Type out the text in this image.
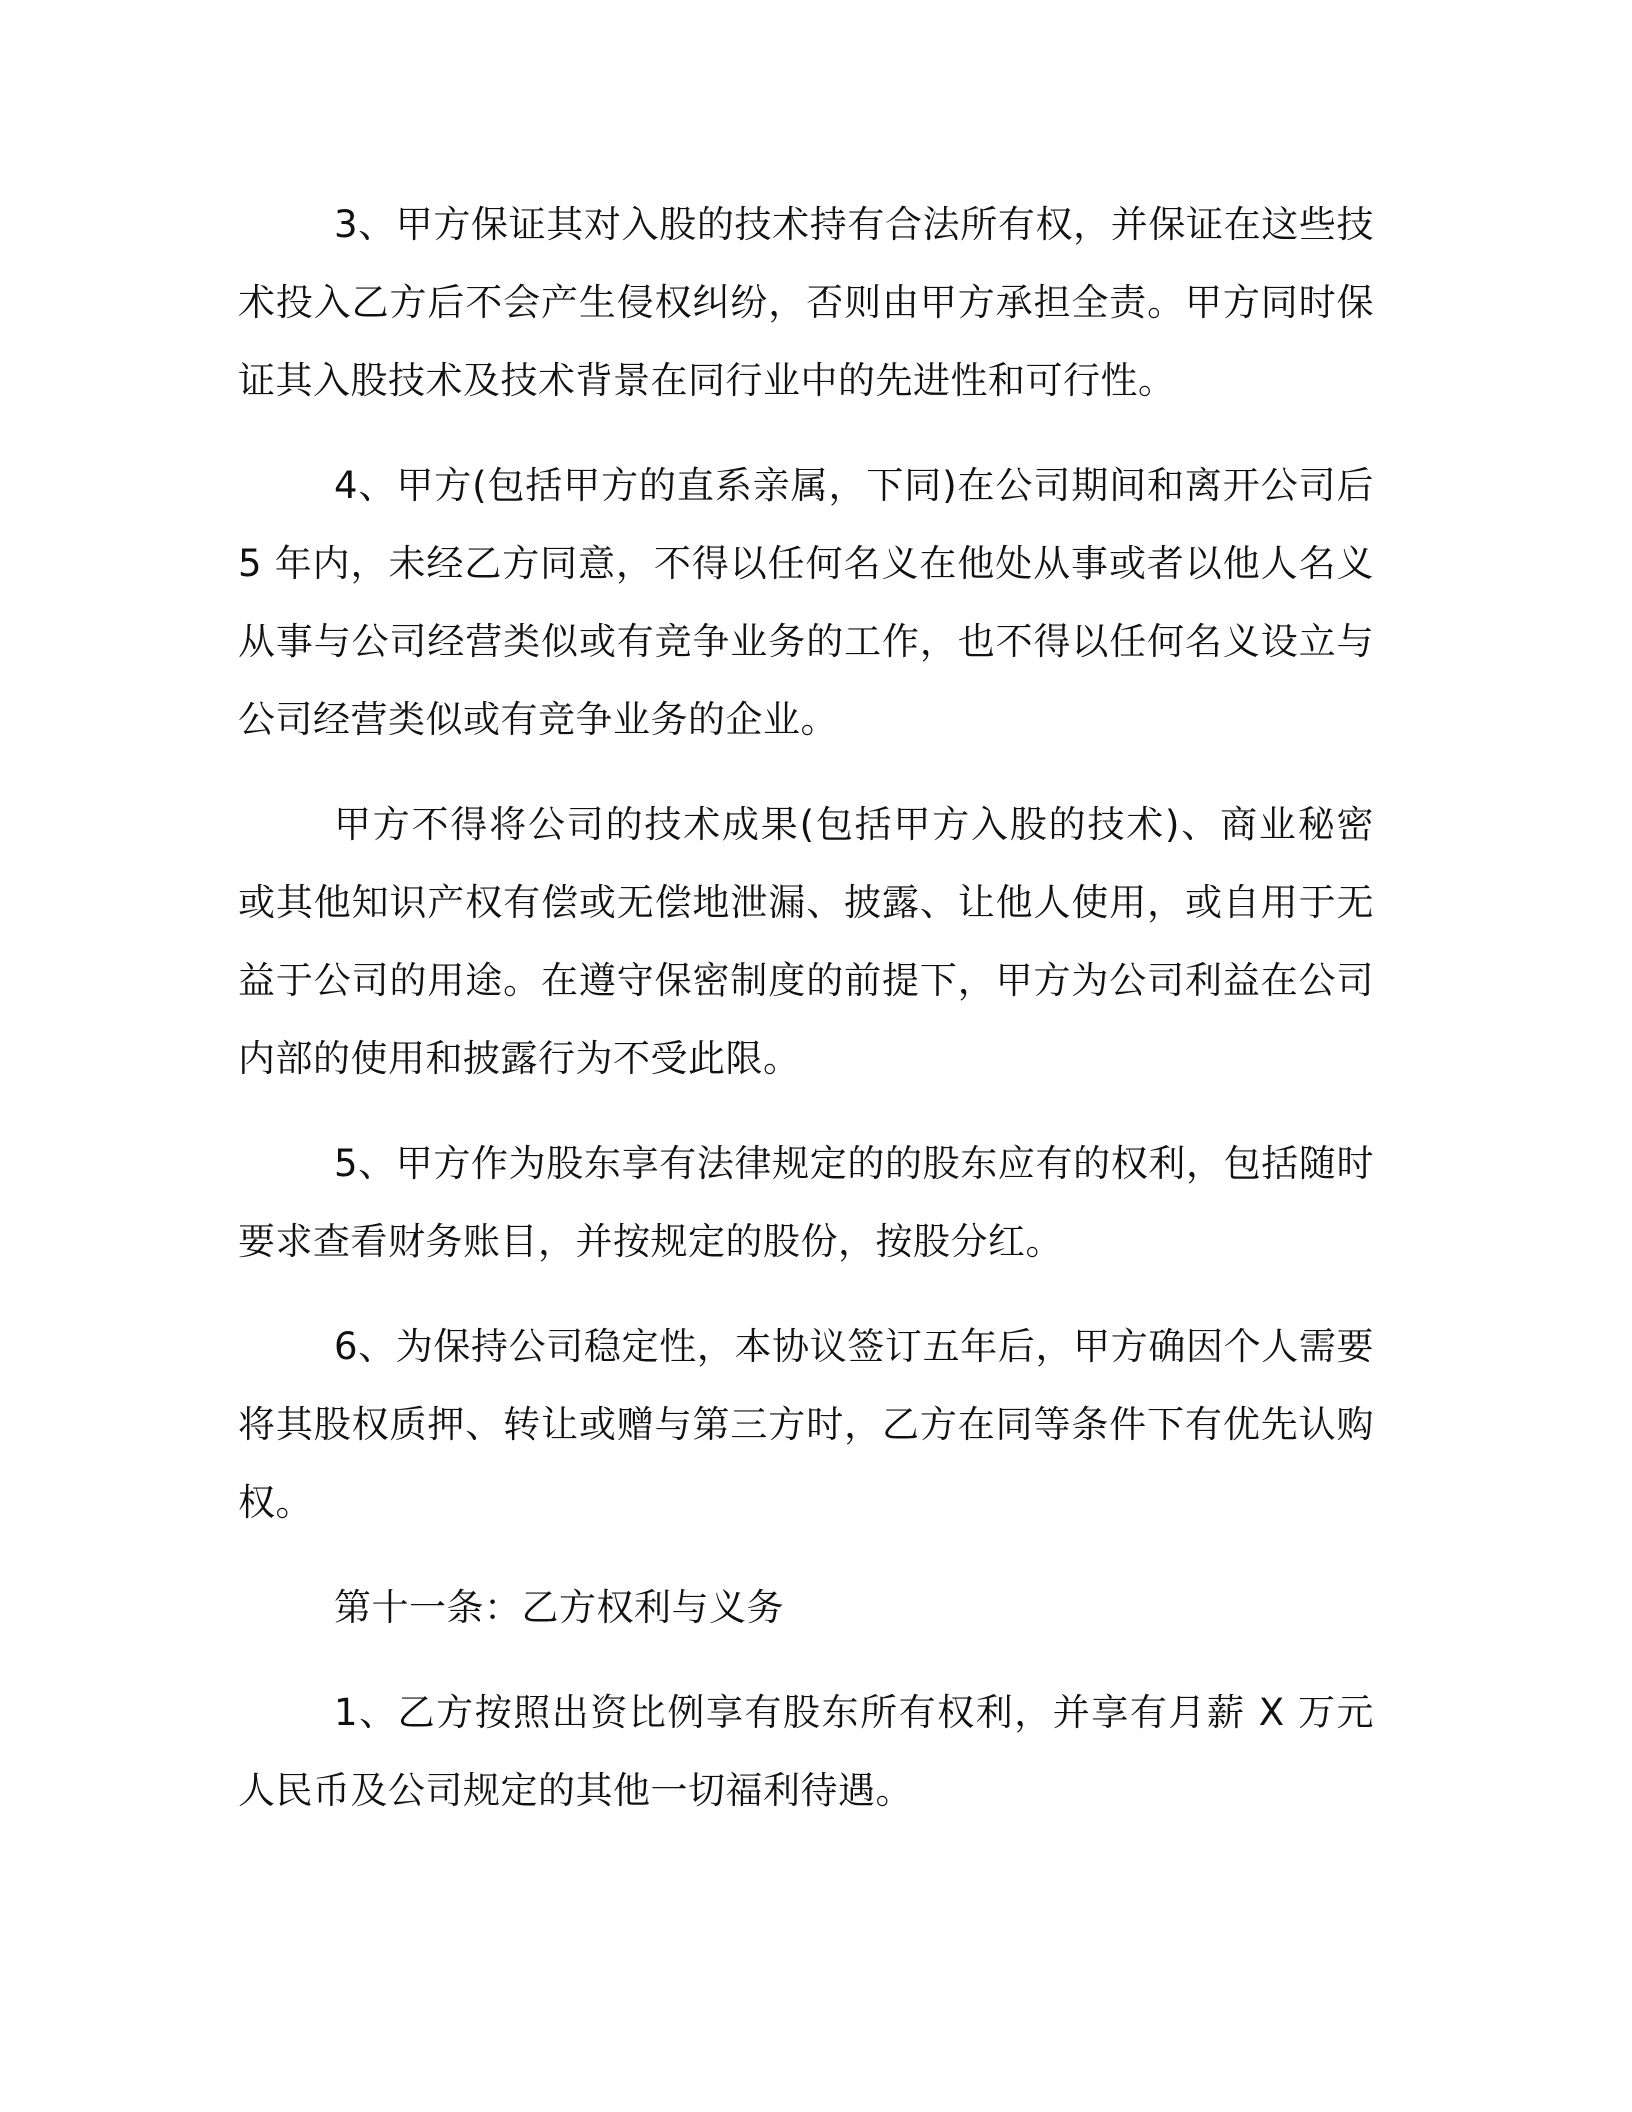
3、甲方保证其对入股的技术持有合法所有权，并保证在这些技术投入乙方后不会产生侵权纠纷，否则由甲方承担全责。甲方同时保证其入股技术及技术背景在同行业中的先进性和可行性。

4、甲方(包括甲方的直系亲属，下同)在公司期间和离开公司后 5 年内，未经乙方同意，不得以任何名义在他处从事或者以他人名义从事与公司经营类似或有竞争业务的工作，也不得以任何名义设立与公司经营类似或有竞争业务的企业。

甲方不得将公司的技术成果(包括甲方入股的技术)、商业秘密或其他知识产权有偿或无偿地泄漏、披露、让他人使用，或自用于无益于公司的用途。在遵守保密制度的前提下，甲方为公司利益在公司内部的使用和披露行为不受此限。

5、甲方作为股东享有法律规定的的股东应有的权利，包括随时要求查看财务账目，并按规定的股份，按股分红。

6、为保持公司稳定性，本协议签订五年后，甲方确因个人需要将其股权质押、转让或赠与第三方时，乙方在同等条件下有优先认购权。

第十一条：乙方权利与义务

1、乙方按照出资比例享有股东所有权利，并享有月薪 X 万元人民币及公司规定的其他一切福利待遇。
